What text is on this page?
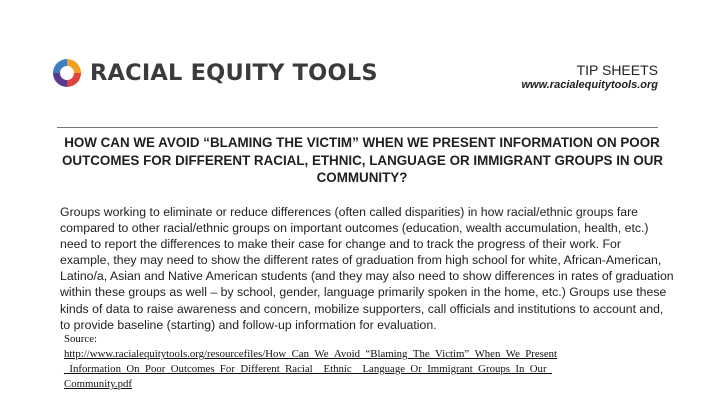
RACIAL EQUITY TOOLS	TIP SHEETS
www.racialequitytools.org
HOW CAN WE AVOID “BLAMING THE VICTIM” WHEN WE PRESENT INFORMATION ON POOR
OUTCOMES FOR DIFFERENT RACIAL, ETHNIC, LANGUAGE OR IMMIGRANT GROUPS IN OUR
COMMUNITY?
Groups working to eliminate or reduce differences (often called disparities) in how racial/ethnic groups fare
compared to other racial/ethnic groups on important outcomes (education, wealth accumulation, health, etc.)
need to report the differences to make their case for change and to track the progress of their work. For
example, they may need to show the different rates of graduation from high school for white, African-American,
Latino/a, Asian and Native American students (and they may also need to show differences in rates of graduation
within these groups as well – by school, gender, language primarily spoken in the home, etc.) Groups use these
kinds of data to raise awareness and concern, mobilize supporters, call officials and institutions to account and,
to provide baseline (starting) and follow-up information for evaluation.
Source:
http://www.racialequitytools.org/resourcefiles/How_Can_We_Avoid_“Blaming_The_Victim”_When_We_Present
_Information_On_Poor_Outcomes_For_Different_Racial__Ethnic__Language_Or_Immigrant_Groups_In_Our_
Community.pdf
